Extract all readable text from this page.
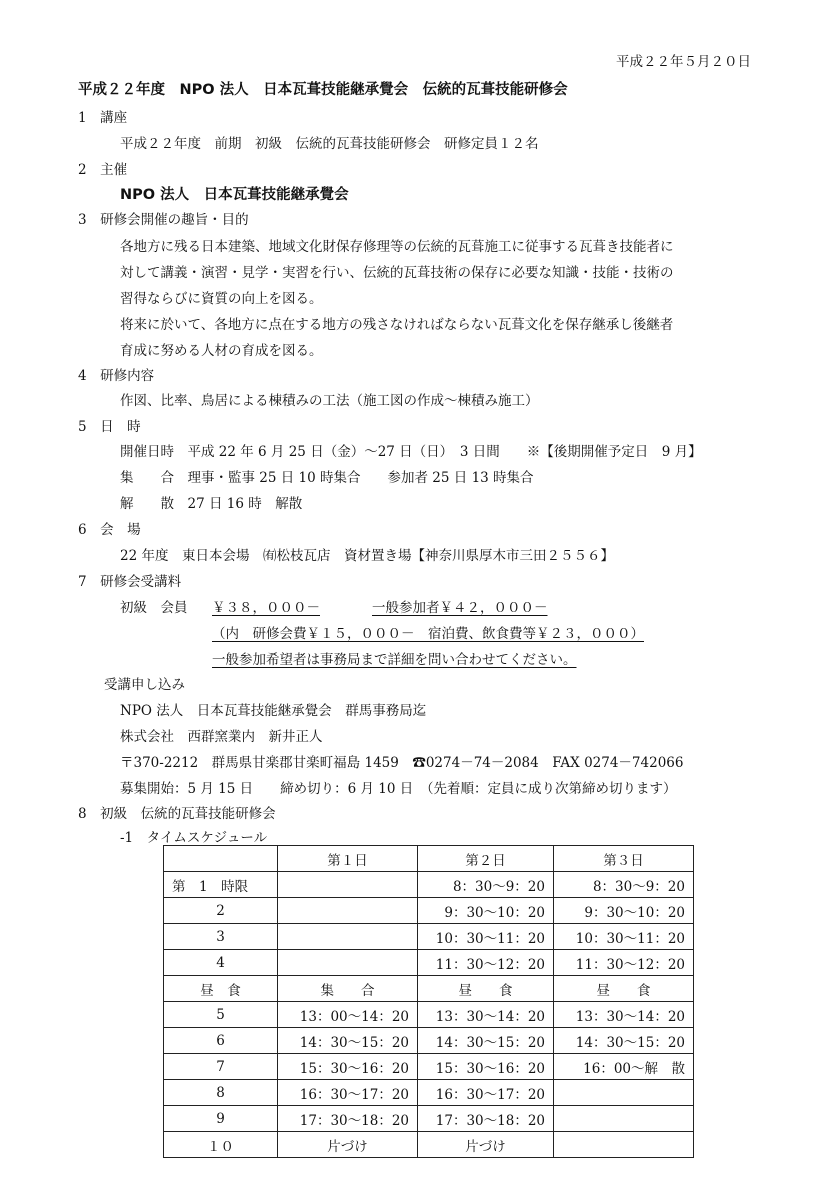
平成２２年５月２０日
平成２２年度　NPO 法人　日本瓦葺技能継承覺会　伝統的瓦葺技能研修会
1　講座
平成２２年度　前期　初級　伝統的瓦葺技能研修会　研修定員１２名
2　主催
NPO 法人　日本瓦葺技能継承覺会
3　研修会開催の趣旨・目的
各地方に残る日本建築、地域文化財保存修理等の伝統的瓦葺施工に従事する瓦葺き技能者に
対して講義・演習・見学・実習を行い、伝統的瓦葺技術の保存に必要な知識・技能・技術の
習得ならびに資質の向上を図る。
将来に於いて、各地方に点在する地方の残さなければならない瓦葺文化を保存継承し後継者
育成に努める人材の育成を図る。
4　研修内容
作図、比率、鳥居による棟積みの工法（施工図の作成～棟積み施工）
5　日　時
開催日時　平成 22 年 6 月 25 日（金）～27 日（日）　3 日間　　※【後期開催予定日　9 月】
集　　合　理事・監事 25 日 10 時集合　　参加者 25 日 13 時集合
解　　散　27 日 16 時　解散
6　会　場
22 年度　東日本会場　㈲松枝瓦店　資材置き場【神奈川県厚木市三田２５５６】
7　研修会受講料
初級　会員 ￥３８，０００－	一般参加者￥４２，０００－
（内　研修会費￥１５，０００－　宿泊費、飲食費等￥２３，０００）
一般参加希望者は事務局まで詳細を問い合わせてください。
受講申し込み
NPO 法人　日本瓦葺技能継承覺会　群馬事務局迄
株式会社　西群窯業内　新井正人
〒370-2212　群馬県甘楽郡甘楽町福島 1459　☎0274－74－2084　FAX 0274－742066
募集開始：5 月 15 日　　締め切り：6 月 10 日　（先着順：定員に成り次第締め切ります）
8　初級　伝統的瓦葺技能研修会
-1　タイムスケジュール
	第１日	第２日	第３日
第　1　時限		8：30～9：20	8：30～9：20
2		9：30～10：20	9：30～10：20
3		10：30～11：20	10：30～11：20
4		11：30～12：20	11：30～12：20
昼　食	集　　合	昼　　食	昼　　食
5	13：00～14：20	13：30～14：20	13：30～14：20
6	14：30～15：20	14：30～15：20	14：30～15：20
7	15：30～16：20	15：30～16：20	16：00～解　散
8	16：30～17：20	16：30～17：20	
9	17：30～18：20	17：30～18：20	
１０	片づけ	片づけ	
